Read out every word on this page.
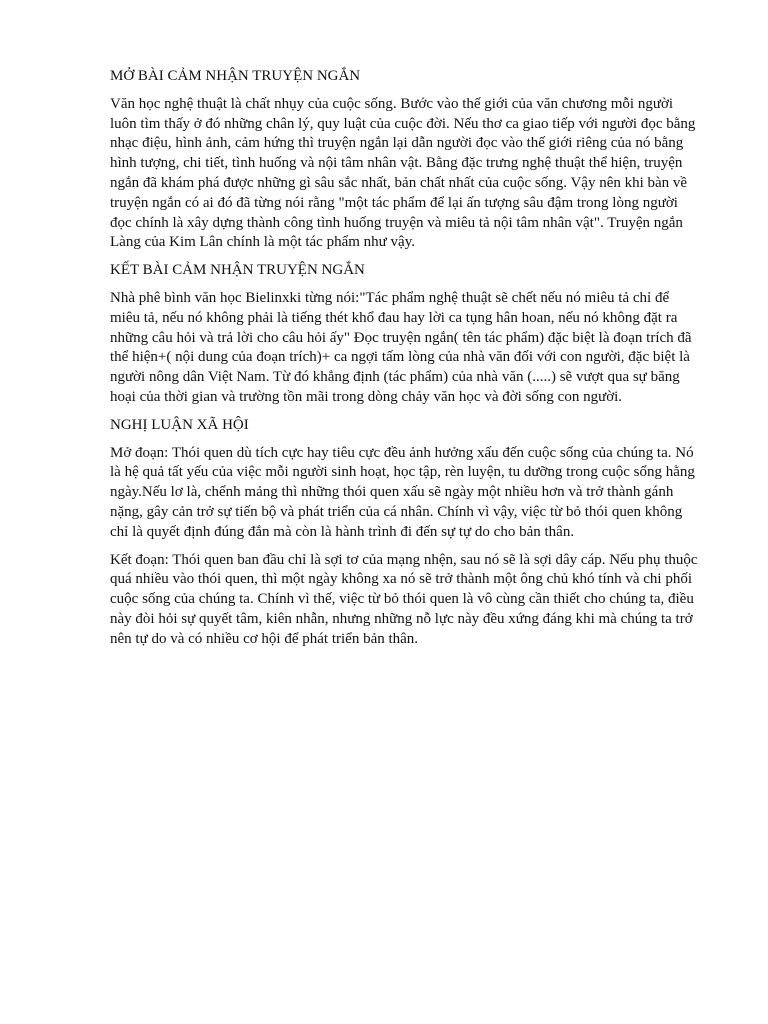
MỞ BÀI CẢM NHẬN TRUYỆN NGẮN

Văn học nghệ thuật là chất nhụy của cuộc sống. Bước vào thế giới của văn chương mỗi người luôn tìm thấy ở đó những chân lý, quy luật của cuộc đời. Nếu thơ ca giao tiếp với người đọc bằng nhạc điệu, hình ảnh, cảm hứng thì truyện ngắn lại dẫn người đọc vào thế giới riêng của nó bằng hình tượng, chi tiết, tình huống và nội tâm nhân vật. Bằng đặc trưng nghệ thuật thể hiện, truyện ngắn đã khám phá được những gì sâu sắc nhất, bản chất nhất của cuộc sống. Vậy nên khi bàn về truyện ngắn có ai đó đã từng nói rằng "một tác phẩm để lại ấn tượng sâu đậm trong lòng người đọc chính là xây dựng thành công tình huống truyện và miêu tả nội tâm nhân vật". Truyện ngắn Làng của Kim Lân chính là một tác phẩm như vậy.

KẾT BÀI CẢM NHẬN TRUYỆN NGẮN

Nhà phê bình văn học Bielinxki từng nói:"Tác phẩm nghệ thuật sẽ chết nếu nó miêu tả chỉ để miêu tả, nếu nó không phải là tiếng thét khổ đau hay lời ca tụng hân hoan, nếu nó không đặt ra những câu hỏi và trả lời cho câu hỏi ấy" Đọc truyện ngắn( tên tác phẩm) đặc biệt là đoạn trích đã thể hiện+( nội dung của đoạn trích)+ ca ngợi tấm lòng của nhà văn đối với con người, đặc biệt là người nông dân Việt Nam. Từ đó khẳng định (tác phẩm) của nhà văn (.....) sẽ vượt qua sự băng hoại của thời gian và trường tồn mãi trong dòng chảy văn học và đời sống con người.

NGHỊ LUẬN XÃ HỘI

Mở đoạn: Thói quen dù tích cực hay tiêu cực đều ảnh hưởng xấu đến cuộc sống của chúng ta. Nó là hệ quả tất yếu của việc mỗi người sinh hoạt, học tập, rèn luyện, tu dưỡng trong cuộc sống hằng ngày.Nếu lơ là, chểnh mảng thì những thói quen xấu sẽ ngày một nhiều hơn và trở thành gánh nặng, gây cản trở sự tiến bộ và phát triển của cá nhân. Chính vì vậy, việc từ bỏ thói quen không chỉ là quyết định đúng đắn mà còn là hành trình đi đến sự tự do cho bản thân.

Kết đoạn: Thói quen ban đầu chỉ là sợi tơ của mạng nhện, sau nó sẽ là sợi dây cáp. Nếu phụ thuộc quá nhiều vào thói quen, thì một ngày không xa nó sẽ trở thành một ông chủ khó tính và chi phối cuộc sống của chúng ta. Chính vì thế, việc từ bỏ thói quen là vô cùng cần thiết cho chúng ta, điều này đòi hỏi sự quyết tâm, kiên nhẫn, nhưng những nỗ lực này đều xứng đáng khi mà chúng ta trở nên tự do và có nhiều cơ hội để phát triển bản thân.
